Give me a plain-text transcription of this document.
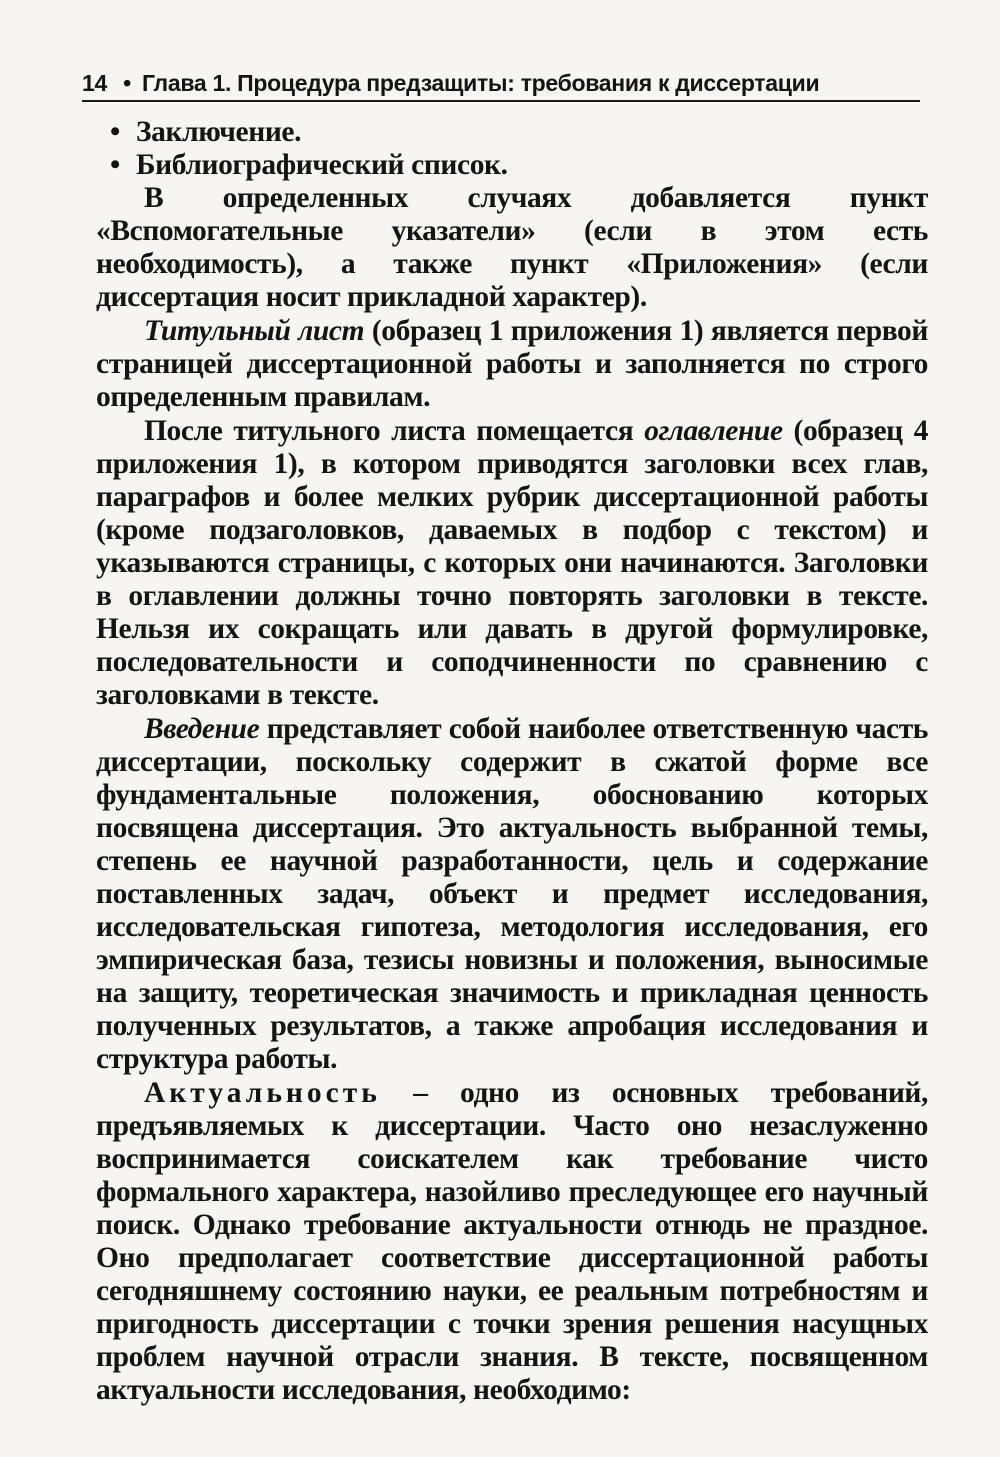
14 • Глава 1. Процедура предзащиты: требования к диссертации
• Заключение.
• Библиографический список.

В определенных случаях добавляется пункт «Вспомогательные указатели» (если в этом есть необходимость), а также пункт «Приложения» (если диссертация носит прикладной характер).

Титульный лист (образец 1 приложения 1) является первой страницей диссертационной работы и заполняется по строго определенным правилам.

После титульного листа помещается оглавление (образец 4 приложения 1), в котором приводятся заголовки всех глав, параграфов и более мелких рубрик диссертационной работы (кроме подзаголовков, даваемых в подбор с текстом) и указываются страницы, с которых они начинаются. Заголовки в оглавлении должны точно повторять заголовки в тексте. Нельзя их сокращать или давать в другой формулировке, последовательности и соподчиненности по сравнению с заголовками в тексте.

Введение представляет собой наиболее ответственную часть диссертации, поскольку содержит в сжатой форме все фундаментальные положения, обоснованию которых посвящена диссертация. Это актуальность выбранной темы, степень ее научной разработанности, цель и содержание поставленных задач, объект и предмет исследования, исследовательская гипотеза, методология исследования, его эмпирическая база, тезисы новизны и положения, выносимые на защиту, теоретическая значимость и прикладная ценность полученных результатов, а также апробация исследования и структура работы.

Актуальность – одно из основных требований, предъявляемых к диссертации. Часто оно незаслуженно воспринимается соискателем как требование чисто формального характера, назойливо преследующее его научный поиск. Однако требование актуальности отнюдь не праздное. Оно предполагает соответствие диссертационной работы сегодняшнему состоянию науки, ее реальным потребностям и пригодность диссертации с точки зрения решения насущных проблем научной отрасли знания. В тексте, посвященном актуальности исследования, необходимо:
